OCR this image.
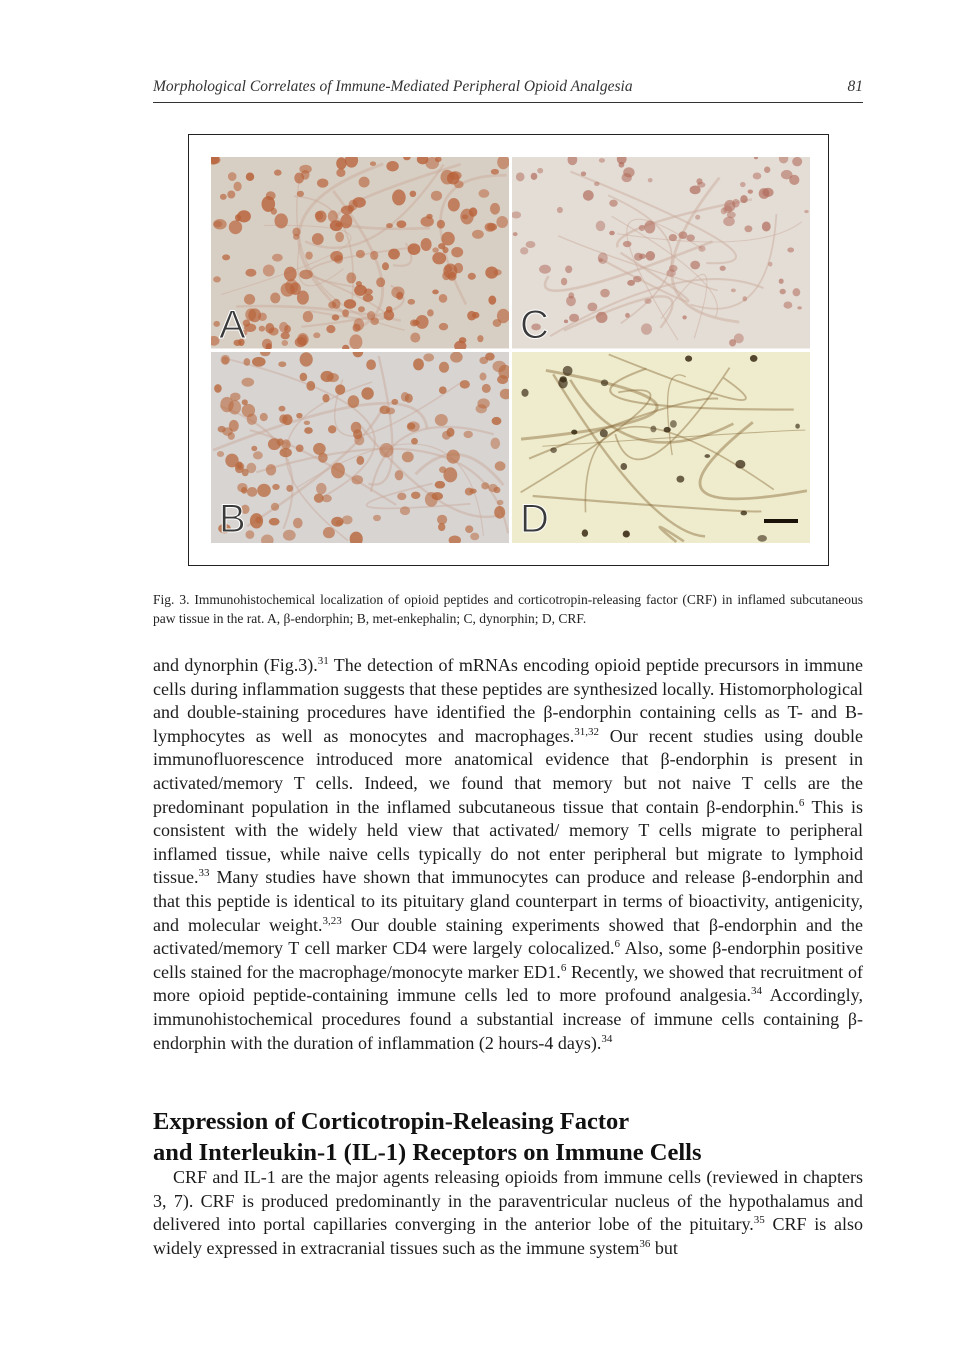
Morphological Correlates of Immune-Mediated Peripheral Opioid Analgesia	81
A	C
B	D
Fig. 3. Immunohistochemical localization of opioid peptides and corticotropin-releasing factor (CRF) in inflamed subcutaneous paw tissue in the rat. A, β-endorphin; B, met-enkephalin; C, dynorphin; D, CRF.

and dynorphin (Fig.3).$^{31}$ The detection of mRNAs encoding opioid peptide precursors in immune cells during inflammation suggests that these peptides are synthesized locally. Histomorphological and double-staining procedures have identified the β-endorphin containing cells as T- and B-lymphocytes as well as monocytes and macrophages.$^{31,32}$ Our recent studies using double immunofluorescence introduced more anatomical evidence that β-endorphin is present in activated/memory T cells. Indeed, we found that memory but not naive T cells are the predominant population in the inflamed subcutaneous tissue that contain β-endorphin.$^6$ This is consistent with the widely held view that activated/ memory T cells migrate to peripheral inflamed tissue, while naive cells typically do not enter peripheral but migrate to lymphoid tissue.$^{33}$ Many studies have shown that immunocytes can produce and release β-endorphin and that this peptide is identical to its pituitary gland counterpart in terms of bioactivity, antigenicity, and molecular weight.$^{3,23}$ Our double staining experiments showed that β-endorphin and the activated/memory T cell marker CD4 were largely colocalized.$^6$ Also, some β-endorphin positive cells stained for the macrophage/monocyte marker ED1.$^6$ Recently, we showed that recruitment of more opioid peptide-containing immune cells led to more profound analgesia.$^{34}$ Accordingly, immunohistochemical procedures found a substantial increase of immune cells containing β-endorphin with the duration of inflammation (2 hours-4 days).$^{34}$

Expression of Corticotropin-Releasing Factor
and Interleukin-1 (IL-1) Receptors on Immune Cells

CRF and IL-1 are the major agents releasing opioids from immune cells (reviewed in chapters 3, 7). CRF is produced predominantly in the paraventricular nucleus of the hypothalamus and delivered into portal capillaries converging in the anterior lobe of the pituitary.$^{35}$ CRF is also widely expressed in extracranial tissues such as the immune system$^{36}$ but
